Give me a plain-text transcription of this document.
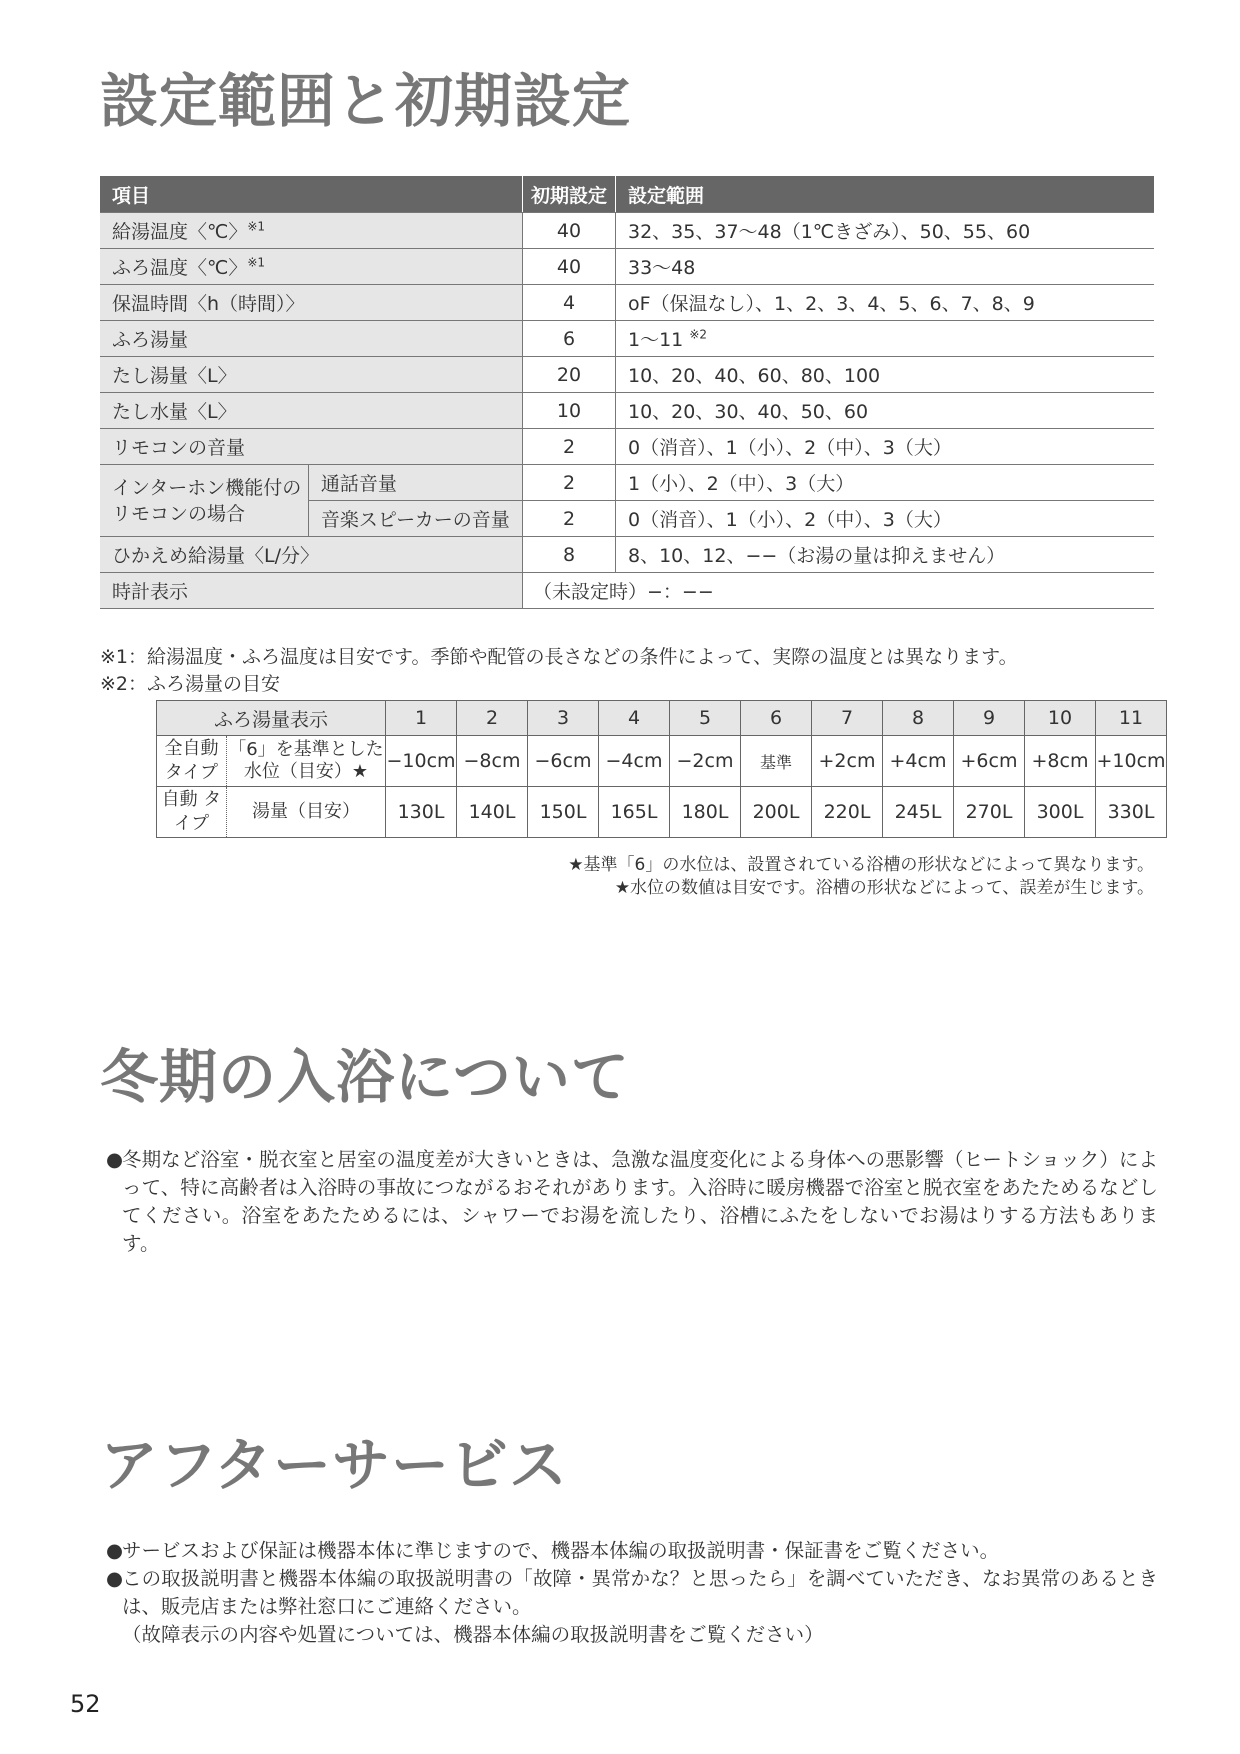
設定範囲と初期設定
項目		初期設定	設定範囲
給湯温度〈℃〉$^{※1}$		40	32、35、37〜48（1℃きざみ）、50、55、60
ふろ温度〈℃〉$^{※1}$		40	33〜48
保温時間〈h（時間）〉		4	oF（保温なし）、1、2、3、4、5、6、7、8、9
ふろ湯量		6	1〜11 $^{※2}$
たし湯量〈L〉		20	10、20、40、60、80、100
たし水量〈L〉		10	10、20、30、40、50、60
リモコンの音量		2	0（消音）、1（小）、2（中）、3（大）
インターホン機能付の リモコンの場合	通話音量	2	1（小）、2（中）、3（大）
	音楽スピーカーの音量	2	0（消音）、1（小）、2（中）、3（大）
ひかえめ給湯量〈L/分〉		8	8、10、12、−−（お湯の量は抑えません）
時計表示		（未設定時）−：−−	
※1：給湯温度・ふろ温度は目安です。季節や配管の長さなどの条件によって、実際の温度とは異なります。
※2：ふろ湯量の目安
ふろ湯量表示		1	2	3	4	5	6	7	8	9	10	11
全自動 タイプ	「6」を基準とした 水位（目安）★	−10cm	−8cm	−6cm	−4cm	−2cm	基準	+2cm	+4cm	+6cm	+8cm	+10cm
自動 タイプ	湯量（目安）	130L	140L	150L	165L	180L	200L	220L	245L	270L	300L	330L
★基準「6」の水位は、設置されている浴槽の形状などによって異なります。
★水位の数値は目安です。浴槽の形状などによって、誤差が生じます。
冬期の入浴について
●
冬期など浴室・脱衣室と居室の温度差が大きいときは、急激な温度変化による身体への悪影響（ヒートショック）によって、特に高齢者は入浴時の事故につながるおそれがあります。入浴時に暖房機器で浴室と脱衣室をあたためるなどしてください。浴室をあたためるには、シャワーでお湯を流したり、浴槽にふたをしないでお湯はりする方法もあります。
アフターサービス
●
サービスおよび保証は機器本体に準じますので、機器本体編の取扱説明書・保証書をご覧ください。
●
この取扱説明書と機器本体編の取扱説明書の「故障・異常かな？と思ったら」を調べていただき、なお異常のあるときは、販売店または弊社窓口にご連絡ください。
（故障表示の内容や処置については、機器本体編の取扱説明書をご覧ください）
52
